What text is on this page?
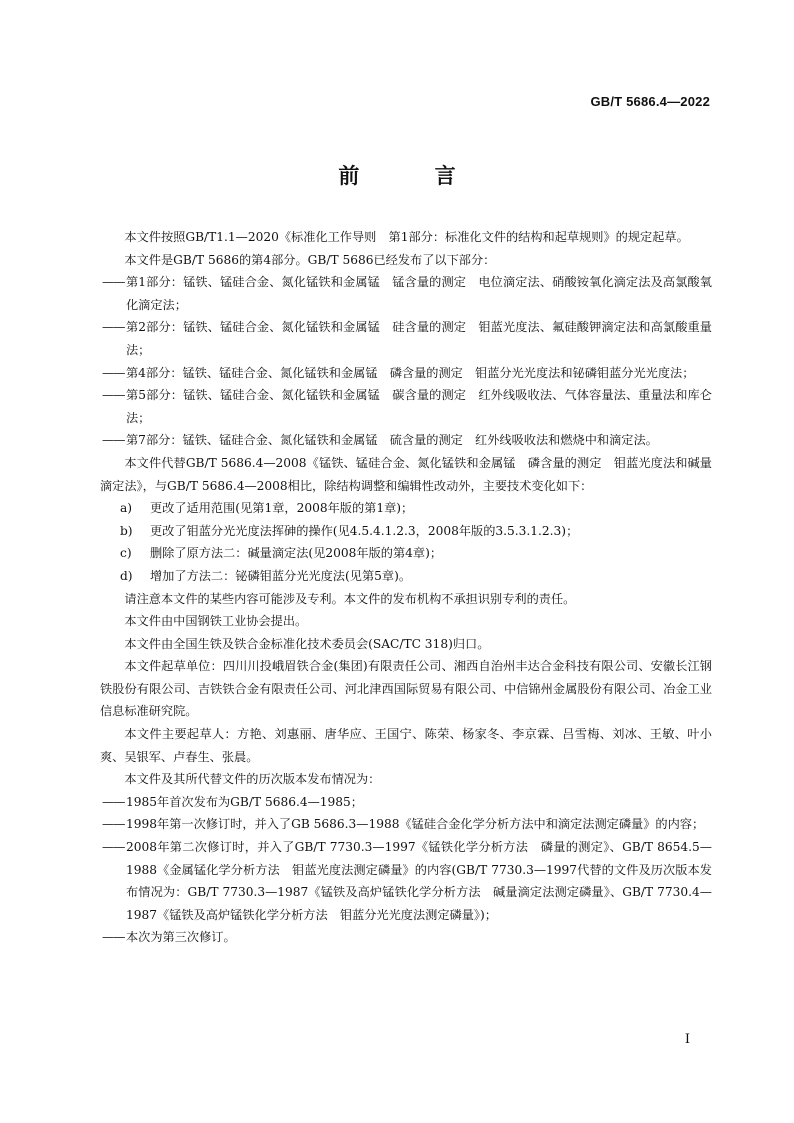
GB/T 5686.4—2022
前 言

本文件按照GB/T1.1—2020《标准化工作导则　第1部分：标准化文件的结构和起草规则》的规定起草。

本文件是GB/T 5686的第4部分。GB/T 5686已经发布了以下部分：

—— 第1部分：锰铁、锰硅合金、氮化锰铁和金属锰　锰含量的测定　电位滴定法、硝酸铵氧化滴定法及高氯酸氧化滴定法；
—— 第2部分：锰铁、锰硅合金、氮化锰铁和金属锰　硅含量的测定　钼蓝光度法、氟硅酸钾滴定法和高氯酸重量法；
—— 第4部分：锰铁、锰硅合金、氮化锰铁和金属锰　磷含量的测定　钼蓝分光光度法和铋磷钼蓝分光光度法；
—— 第5部分：锰铁、锰硅合金、氮化锰铁和金属锰　碳含量的测定　红外线吸收法、气体容量法、重量法和库仑法；
—— 第7部分：锰铁、锰硅合金、氮化锰铁和金属锰　硫含量的测定　红外线吸收法和燃烧中和滴定法。

本文件代替GB/T 5686.4—2008《锰铁、锰硅合金、氮化锰铁和金属锰　磷含量的测定　钼蓝光度法和碱量滴定法》，与GB/T 5686.4—2008相比，除结构调整和编辑性改动外，主要技术变化如下：

a)	更改了适用范围(见第1章，2008年版的第1章)；
b)	更改了钼蓝分光光度法挥砷的操作(见4.5.4.1.2.3，2008年版的3.5.3.1.2.3)；
c)	删除了原方法二：碱量滴定法(见2008年版的第4章)；
d)	增加了方法二：铋磷钼蓝分光光度法(见第5章)。

请注意本文件的某些内容可能涉及专利。本文件的发布机构不承担识别专利的责任。

本文件由中国钢铁工业协会提出。

本文件由全国生铁及铁合金标准化技术委员会(SAC/TC 318)归口。

本文件起草单位：四川川投峨眉铁合金(集团)有限责任公司、湘西自治州丰达合金科技有限公司、安徽长江钢铁股份有限公司、吉铁铁合金有限责任公司、河北津西国际贸易有限公司、中信锦州金属股份有限公司、冶金工业信息标准研究院。

本文件主要起草人：方艳、刘惠丽、唐华应、王国宁、陈荣、杨家冬、李京霖、吕雪梅、刘冰、王敏、叶小爽、吴银军、卢春生、张晨。

本文件及其所代替文件的历次版本发布情况为：

—— 1985年首次发布为GB/T 5686.4—1985；
—— 1998年第一次修订时，并入了GB 5686.3—1988《锰硅合金化学分析方法中和滴定法测定磷量》的内容；
—— 2008年第二次修订时，并入了GB/T 7730.3—1997《锰铁化学分析方法　磷量的测定》、GB/T 8654.5—1988《金属锰化学分析方法　钼蓝光度法测定磷量》的内容(GB/T 7730.3—1997代替的文件及历次版本发布情况为：GB/T 7730.3—1987《锰铁及高炉锰铁化学分析方法　碱量滴定法测定磷量》、GB/T 7730.4—1987《锰铁及高炉锰铁化学分析方法　钼蓝分光光度法测定磷量》)；
—— 本次为第三次修订。
I
